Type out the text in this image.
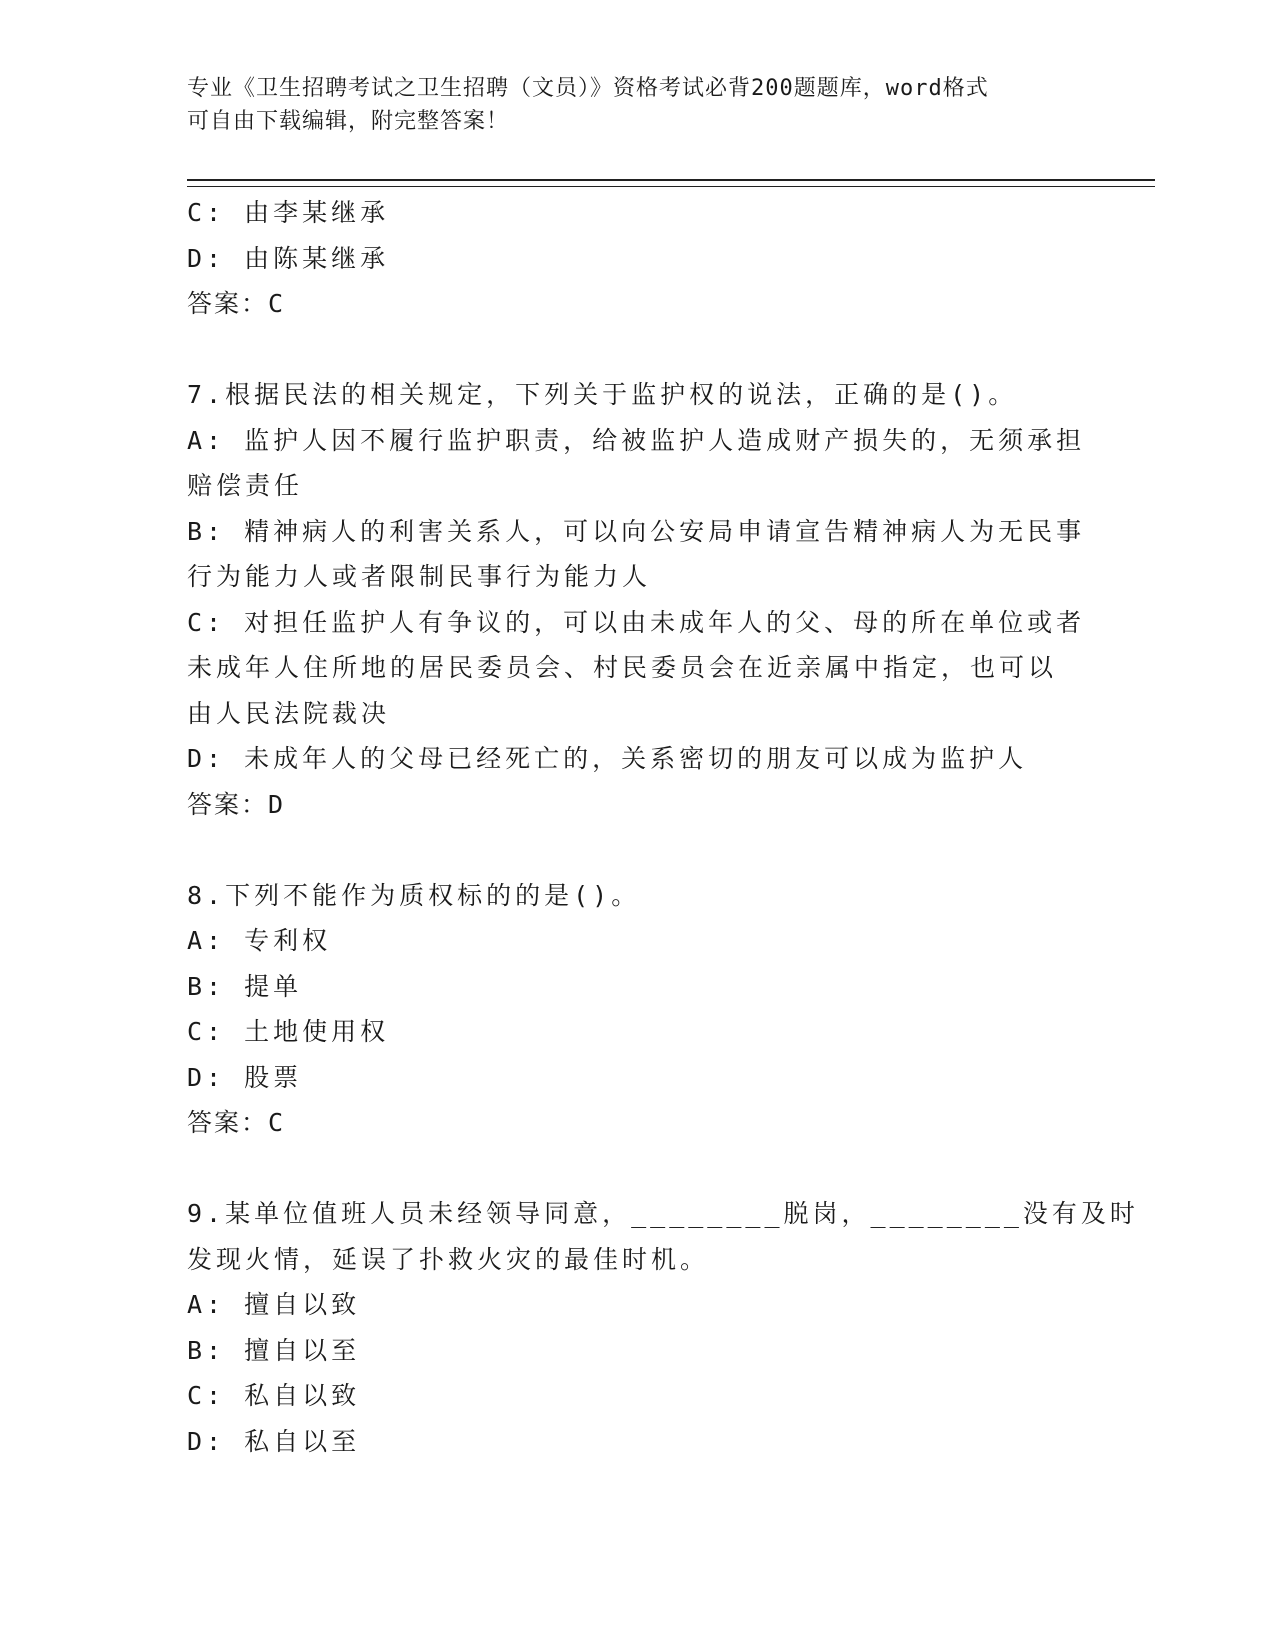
专业《卫生招聘考试之卫生招聘（文员）》资格考试必背200题题库，word格式
可自由下载编辑，附完整答案！
C: 由李某继承
D: 由陈某继承
答案：C
7.根据民法的相关规定，下列关于监护权的说法，正确的是()。
A: 监护人因不履行监护职责，给被监护人造成财产损失的，无须承担
赔偿责任
B: 精神病人的利害关系人，可以向公安局申请宣告精神病人为无民事
行为能力人或者限制民事行为能力人
C: 对担任监护人有争议的，可以由未成年人的父、母的所在单位或者
未成年人住所地的居民委员会、村民委员会在近亲属中指定，也可以
由人民法院裁决
D: 未成年人的父母已经死亡的，关系密切的朋友可以成为监护人
答案：D
8.下列不能作为质权标的的是()。
A: 专利权
B: 提单
C: 土地使用权
D: 股票
答案：C
9.某单位值班人员未经领导同意，________脱岗，________没有及时
发现火情，延误了扑救火灾的最佳时机。
A: 擅自以致
B: 擅自以至
C: 私自以致
D: 私自以至
